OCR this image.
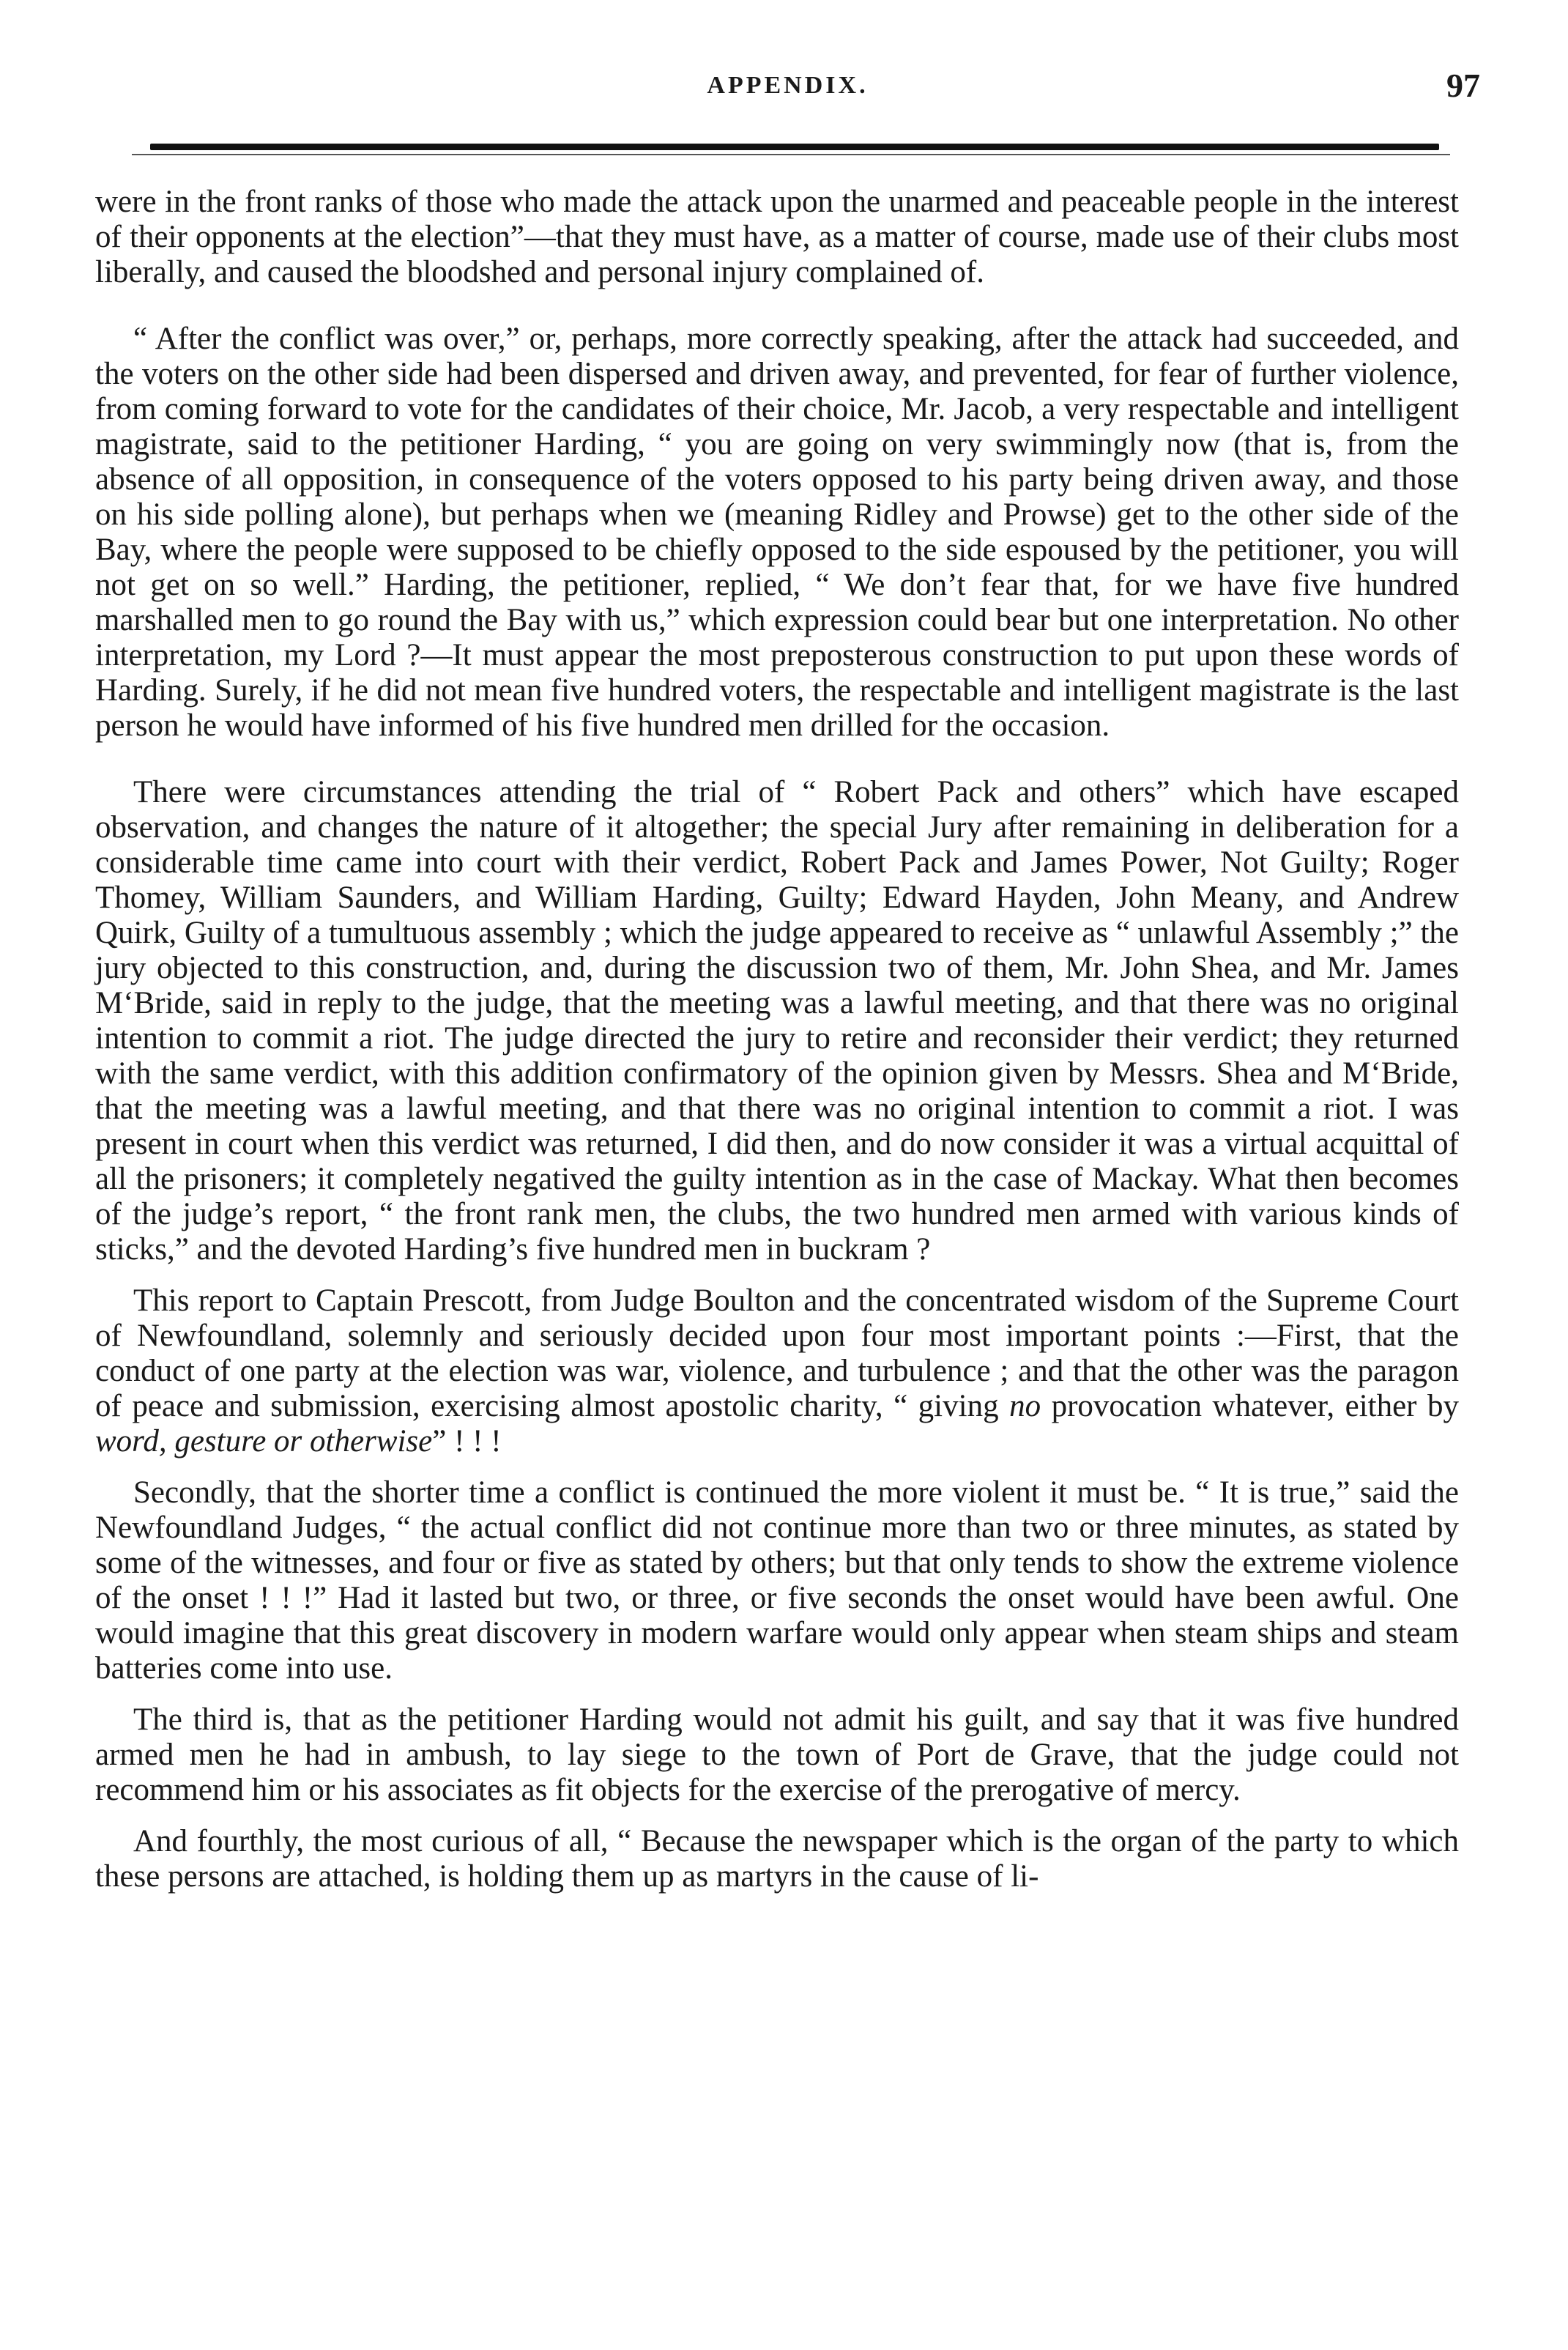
APPENDIX.	97

were in the front ranks of those who made the attack upon the unarmed and peaceable people in the interest of their opponents at the election”—that they must have, as a matter of course, made use of their clubs most liberally, and caused the bloodshed and personal injury complained of.

“ After the conflict was over,” or, perhaps, more correctly speaking, after the attack had succeeded, and the voters on the other side had been dispersed and driven away, and prevented, for fear of further violence, from coming forward to vote for the candidates of their choice, Mr. Jacob, a very respectable and intelligent magistrate, said to the petitioner Harding, “ you are going on very swimmingly now (that is, from the absence of all opposition, in consequence of the voters opposed to his party being driven away, and those on his side polling alone), but perhaps when we (meaning Ridley and Prowse) get to the other side of the Bay, where the people were supposed to be chiefly opposed to the side espoused by the petitioner, you will not get on so well.” Harding, the petitioner, replied, “ We don’t fear that, for we have five hundred marshalled men to go round the Bay with us,” which expression could bear but one interpretation. No other interpretation, my Lord ?—It must appear the most preposterous construction to put upon these words of Harding. Surely, if he did not mean five hundred voters, the respectable and intelligent magistrate is the last person he would have informed of his five hundred men drilled for the occasion.

There were circumstances attending the trial of “ Robert Pack and others” which have escaped observation, and changes the nature of it altogether; the special Jury after remaining in deliberation for a considerable time came into court with their verdict, Robert Pack and James Power, Not Guilty; Roger Thomey, William Saunders, and William Harding, Guilty; Edward Hayden, John Meany, and Andrew Quirk, Guilty of a tumultuous assembly ; which the judge appeared to receive as “ unlawful Assembly ;” the jury objected to this construction, and, during the discussion two of them, Mr. John Shea, and Mr. James M‘Bride, said in reply to the judge, that the meeting was a lawful meeting, and that there was no original intention to commit a riot. The judge directed the jury to retire and reconsider their verdict; they returned with the same verdict, with this addition confirmatory of the opinion given by Messrs. Shea and M‘Bride, that the meeting was a lawful meeting, and that there was no original intention to commit a riot. I was present in court when this verdict was returned, I did then, and do now consider it was a virtual acquittal of all the prisoners; it completely negatived the guilty intention as in the case of Mackay. What then becomes of the judge’s report, “ the front rank men, the clubs, the two hundred men armed with various kinds of sticks,” and the devoted Harding’s five hundred men in buckram ?

This report to Captain Prescott, from Judge Boulton and the concentrated wisdom of the Supreme Court of Newfoundland, solemnly and seriously decided upon four most important points :—First, that the conduct of one party at the election was war, violence, and turbulence ; and that the other was the paragon of peace and submission, exercising almost apostolic charity, “ giving no provocation whatever, either by word, gesture or otherwise” ! ! !

Secondly, that the shorter time a conflict is continued the more violent it must be. “ It is true,” said the Newfoundland Judges, “ the actual conflict did not continue more than two or three minutes, as stated by some of the witnesses, and four or five as stated by others; but that only tends to show the extreme violence of the onset ! ! !” Had it lasted but two, or three, or five seconds the onset would have been awful. One would imagine that this great discovery in modern warfare would only appear when steam ships and steam batteries come into use.

The third is, that as the petitioner Harding would not admit his guilt, and say that it was five hundred armed men he had in ambush, to lay siege to the town of Port de Grave, that the judge could not recommend him or his associates as fit objects for the exercise of the prerogative of mercy.

And fourthly, the most curious of all, “ Because the newspaper which is the organ of the party to which these persons are attached, is holding them up as martyrs in the cause of li-
